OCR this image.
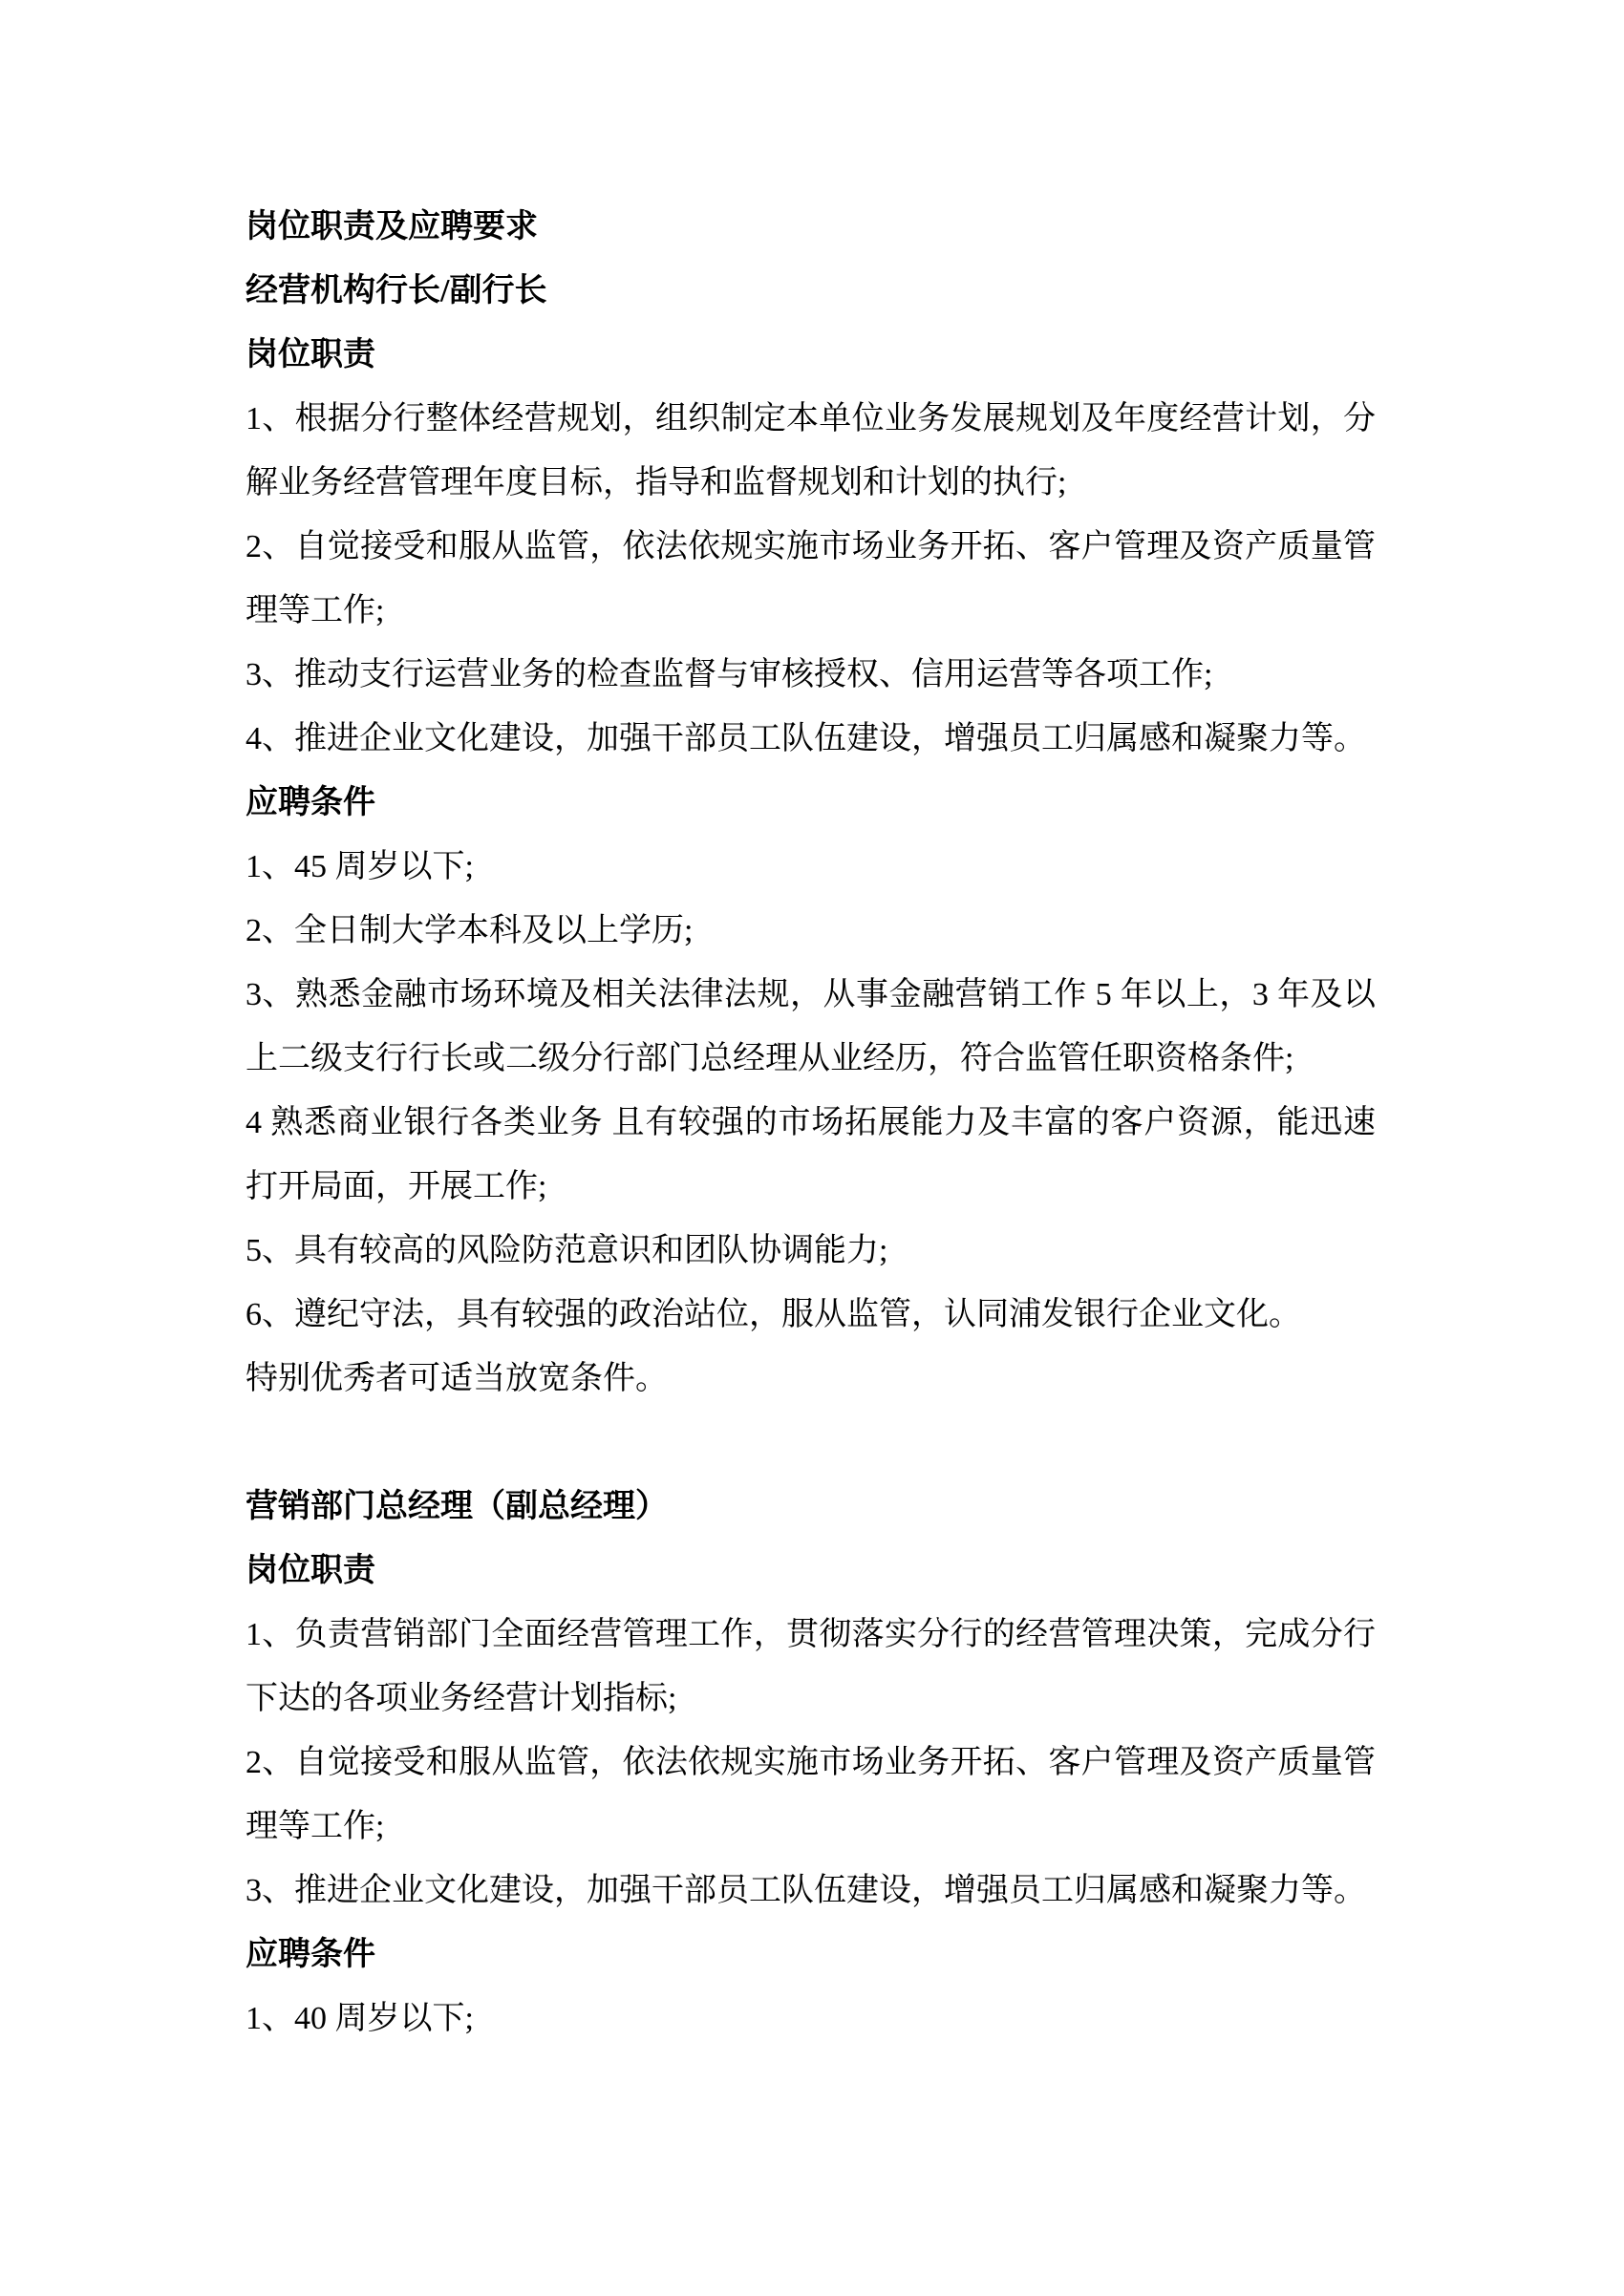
岗位职责及应聘要求
经营机构行长/副行长
岗位职责
1、根据分行整体经营规划，组织制定本单位业务发展规划及年度经营计划，分
解业务经营管理年度目标，指导和监督规划和计划的执行;
2、自觉接受和服从监管，依法依规实施市场业务开拓、客户管理及资产质量管
理等工作;
3、推动支行运营业务的检查监督与审核授权、信用运营等各项工作;
4、推进企业文化建设，加强干部员工队伍建设，增强员工归属感和凝聚力等。
应聘条件
1、45 周岁以下;
2、全日制大学本科及以上学历;
3、熟悉金融市场环境及相关法律法规，从事金融营销工作 5 年以上，3 年及以
上二级支行行长或二级分行部门总经理从业经历，符合监管任职资格条件;
4 熟悉商业银行各类业务 且有较强的市场拓展能力及丰富的客户资源，能迅速
打开局面，开展工作;
5、具有较高的风险防范意识和团队协调能力;
6、遵纪守法，具有较强的政治站位，服从监管，认同浦发银行企业文化。
特别优秀者可适当放宽条件。
营销部门总经理（副总经理）
岗位职责
1、负责营销部门全面经营管理工作，贯彻落实分行的经营管理决策，完成分行
下达的各项业务经营计划指标;
2、自觉接受和服从监管，依法依规实施市场业务开拓、客户管理及资产质量管
理等工作;
3、推进企业文化建设，加强干部员工队伍建设，增强员工归属感和凝聚力等。
应聘条件
1、40 周岁以下;
